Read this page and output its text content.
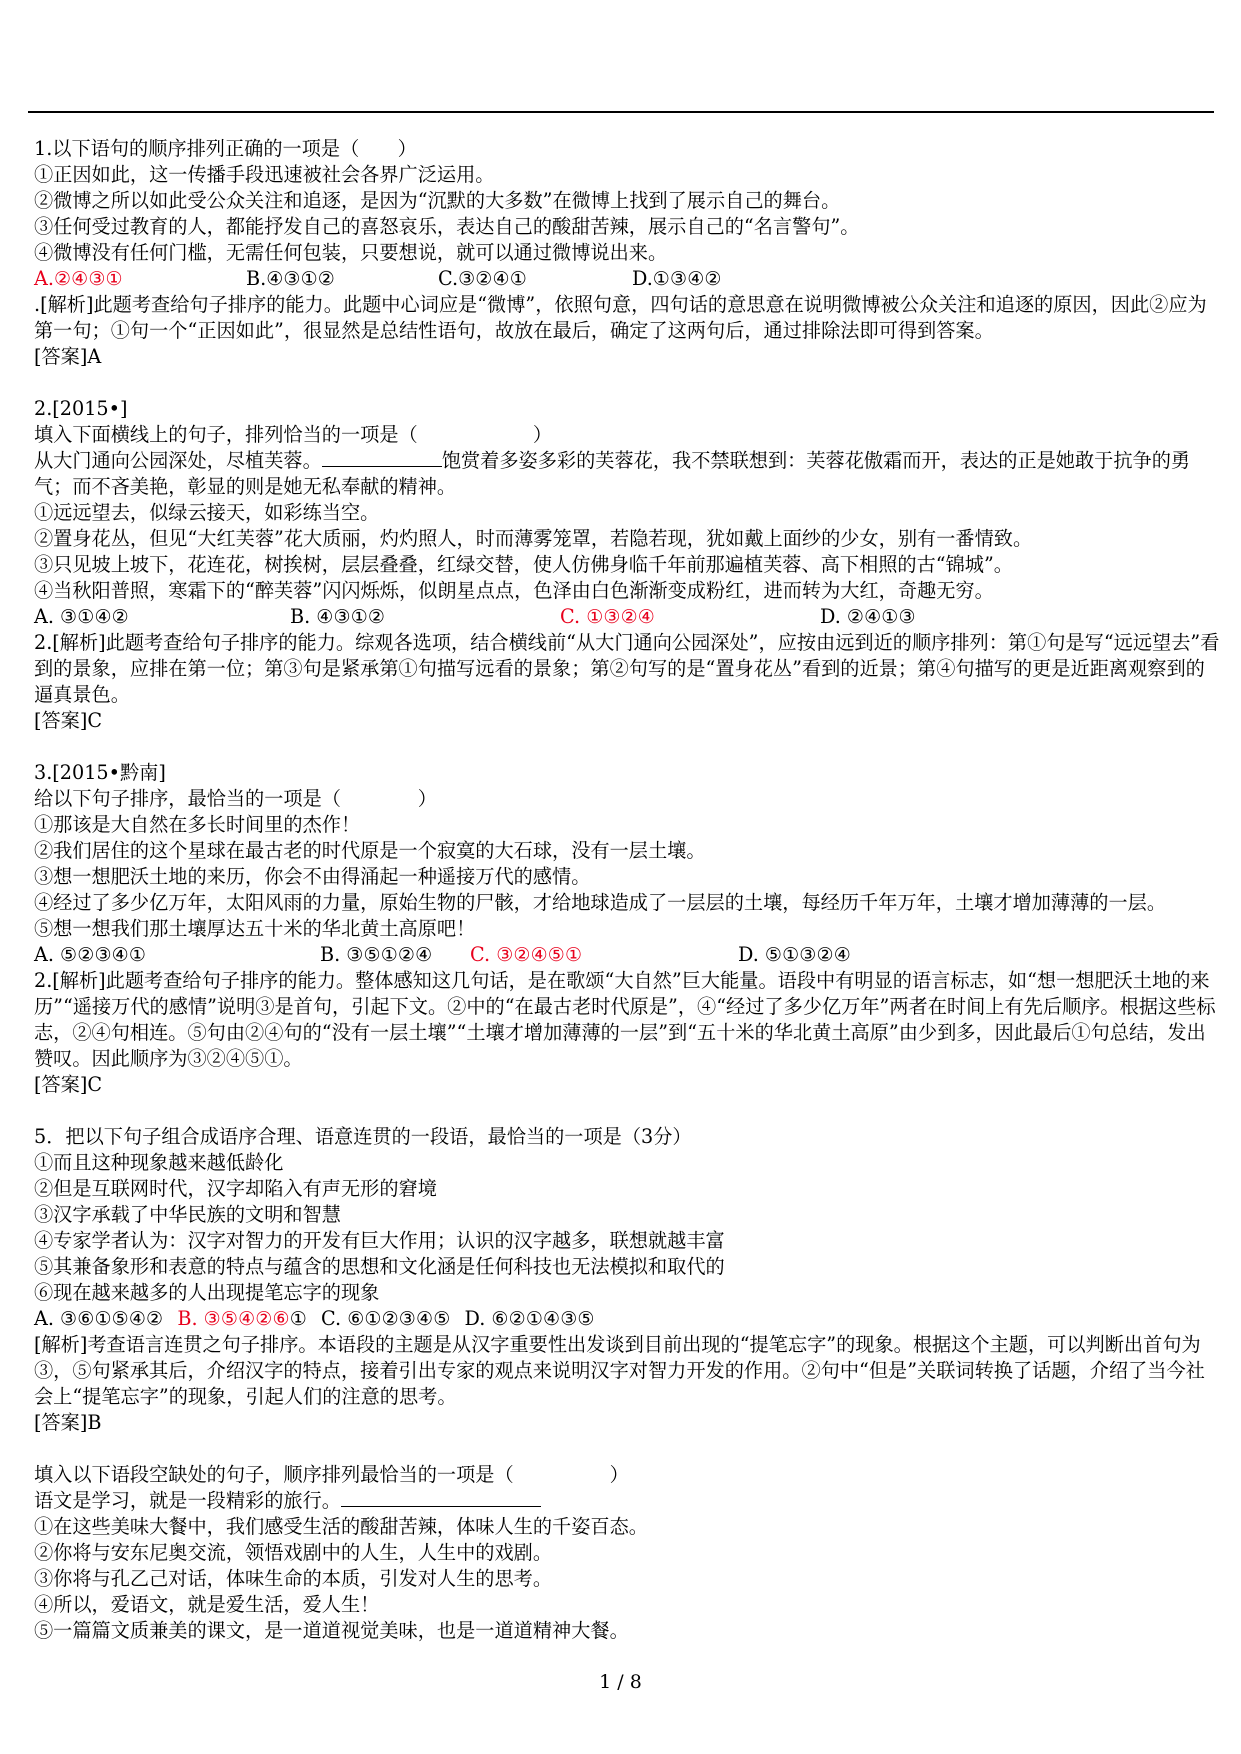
1.以下语句的顺序排列正确的一项是（　　）
①正因如此，这一传播手段迅速被社会各界广泛运用。
②微博之所以如此受公众关注和追逐，是因为“沉默的大多数”在微博上找到了展示自己的舞台。
③任何受过教育的人，都能抒发自己的喜怒哀乐，表达自己的酸甜苦辣，展示自己的“名言警句”。
④微博没有任何门槛，无需任何包装，只要想说，就可以通过微博说出来。
A.②④③①	B.④③①②	C.③②④①	D.①③④②
.[解析]此题考查给句子排序的能力。此题中心词应是“微博”，依照句意，四句话的意思意在说明微博被公众关注和追逐的原因，因此②应为第一句；①句一个“正因如此”，很显然是总结性语句，故放在最后，确定了这两句后，通过排除法即可得到答案。
[答案]A
2.[2015•]
填入下面横线上的句子，排列恰当的一项是（　　　　　　）
从大门通向公园深处，尽植芙蓉。	饱赏着多姿多彩的芙蓉花，我不禁联想到：芙蓉花傲霜而开，表达的正是她敢于抗争的勇气；而不吝美艳，彰显的则是她无私奉献的精神。
①远远望去，似绿云接天，如彩练当空。
②置身花丛，但见“大红芙蓉”花大质丽，灼灼照人，时而薄雾笼罩，若隐若现，犹如戴上面纱的少女，别有一番情致。
③只见坡上坡下，花连花，树挨树，层层叠叠，红绿交替，使人仿佛身临千年前那遍植芙蓉、高下相照的古“锦城”。
④当秋阳普照，寒霜下的“醉芙蓉”闪闪烁烁，似朗星点点，色泽由白色渐渐变成粉红，进而转为大红，奇趣无穷。
A. ③①④②	B. ④③①②	C. ①③②④	D. ②④①③
2.[解析]此题考查给句子排序的能力。综观各选项，结合横线前“从大门通向公园深处”，应按由远到近的顺序排列：第①句是写“远远望去”看到的景象，应排在第一位；第③句是紧承第①句描写远看的景象；第②句写的是“置身花丛”看到的近景；第④句描写的更是近距离观察到的逼真景色。
[答案]C
3.[2015•黔南]
给以下句子排序，最恰当的一项是（　　　　）
①那该是大自然在多长时间里的杰作！
②我们居住的这个星球在最古老的时代原是一个寂寞的大石球，没有一层土壤。
③想一想肥沃土地的来历，你会不由得涌起一种遥接万代的感情。
④经过了多少亿万年，太阳风雨的力量，原始生物的尸骸，才给地球造成了一层层的土壤，每经历千年万年，土壤才增加薄薄的一层。
⑤想一想我们那土壤厚达五十米的华北黄土高原吧！
A. ⑤②③④①	B. ③⑤①②④ C. ③②④⑤①	D. ⑤①③②④
2.[解析]此题考查给句子排序的能力。整体感知这几句话，是在歌颂“大自然”巨大能量。语段中有明显的语言标志，如“想一想肥沃土地的来历”“遥接万代的感情”说明③是首句，引起下文。②中的“在最古老时代原是”，④“经过了多少亿万年”两者在时间上有先后顺序。根据这些标志，②④句相连。⑤句由②④句的“没有一层土壤”“土壤才增加薄薄的一层”到“五十米的华北黄土高原”由少到多，因此最后①句总结，发出赞叹。因此顺序为③②④⑤①。
[答案]C
5．把以下句子组合成语序合理、语意连贯的一段语，最恰当的一项是（3分）
①而且这种现象越来越低龄化
②但是互联网时代，汉字却陷入有声无形的窘境
③汉字承载了中华民族的文明和智慧
④专家学者认为：汉字对智力的开发有巨大作用；认识的汉字越多，联想就越丰富
⑤其兼备象形和表意的特点与蕴含的思想和文化涵是任何科技也无法模拟和取代的
⑥现在越来越多的人出现提笔忘字的现象
A. ③⑥①⑤④② B. ③⑤④②⑥① C. ⑥①②③④⑤ D. ⑥②①④③⑤
[解析]考查语言连贯之句子排序。本语段的主题是从汉字重要性出发谈到目前出现的“提笔忘字”的现象。根据这个主题，可以判断出首句为③，⑤句紧承其后，介绍汉字的特点，接着引出专家的观点来说明汉字对智力开发的作用。②句中“但是”关联词转换了话题，介绍了当今社会上“提笔忘字”的现象，引起人们的注意的思考。
[答案]B
填入以下语段空缺处的句子，顺序排列最恰当的一项是（　　　　　）
语文是学习，就是一段精彩的旅行。
①在这些美味大餐中，我们感受生活的酸甜苦辣，体味人生的千姿百态。
②你将与安东尼奥交流，领悟戏剧中的人生，人生中的戏剧。
③你将与孔乙己对话，体味生命的本质，引发对人生的思考。
④所以，爱语文，就是爱生活，爱人生！
⑤一篇篇文质兼美的课文，是一道道视觉美味，也是一道道精神大餐。
1 / 8
